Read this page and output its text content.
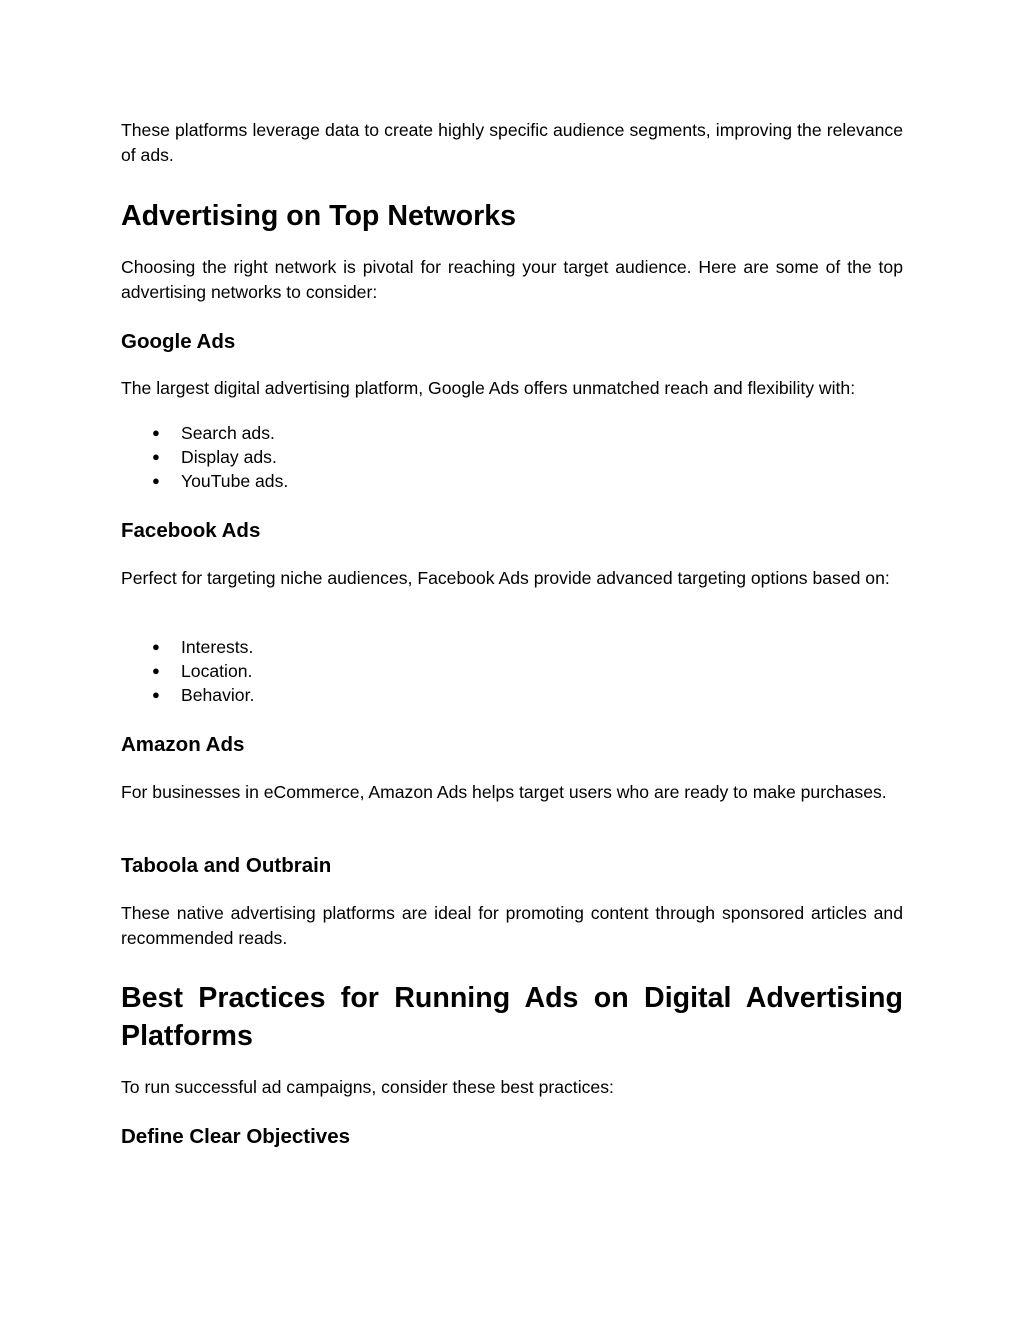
These platforms leverage data to create highly specific audience segments, improving the relevance of ads.

Advertising on Top Networks

Choosing the right network is pivotal for reaching your target audience. Here are some of the top advertising networks to consider:

Google Ads

The largest digital advertising platform, Google Ads offers unmatched reach and flexibility with:

● Search ads.
● Display ads.
● YouTube ads.
Facebook Ads

Perfect for targeting niche audiences, Facebook Ads provide advanced targeting options based on:

● Interests.
● Location.
● Behavior.
Amazon Ads

For businesses in eCommerce, Amazon Ads helps target users who are ready to make purchases.

Taboola and Outbrain

These native advertising platforms are ideal for promoting content through sponsored articles and recommended reads.

Best Practices for Running Ads on Digital Advertising Platforms

To run successful ad campaigns, consider these best practices:

Define Clear Objectives
